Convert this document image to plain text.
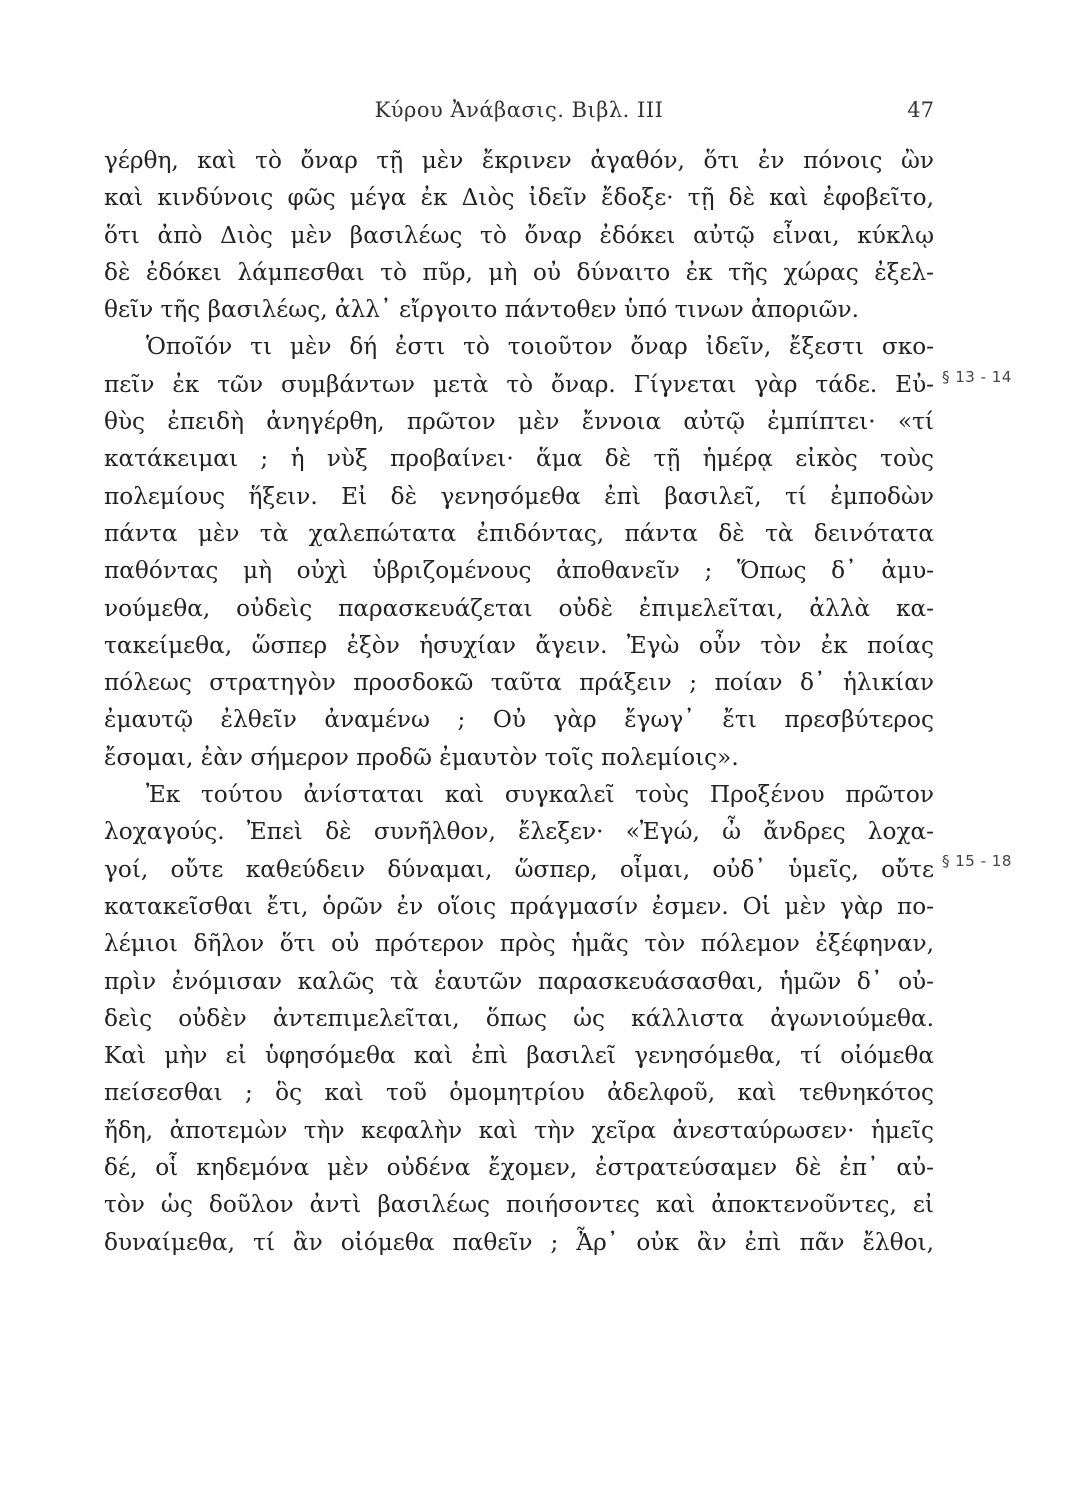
Κύρου Ἀνάβασις. Βιβλ. III	47
γέρθη, καὶ τὸ ὄναρ τῇ μὲν ἔκρινεν ἀγαθόν, ὅτι ἐν πόνοις ὢν
καὶ κινδύνοις φῶς μέγα ἐκ Διὸς ἰδεῖν ἔδοξε· τῇ δὲ καὶ ἐφοβεῖτο,
ὅτι ἀπὸ Διὸς μὲν βασιλέως τὸ ὄναρ ἐδόκει αὐτῷ εἶναι, κύκλῳ
δὲ ἐδόκει λάμπεσθαι τὸ πῦρ, μὴ οὐ δύναιτο ἐκ τῆς χώρας ἐξελ-
θεῖν τῆς βασιλέως, ἀλλ᾽ εἴργοιτο πάντοθεν ὑπό τινων ἀποριῶν.
Ὁποῖόν τι μὲν δή ἐστι τὸ τοιοῦτον ὄναρ ἰδεῖν, ἔξεστι σκο-
πεῖν ἐκ τῶν συμβάντων μετὰ τὸ ὄναρ. Γίγνεται γὰρ τάδε. Εὐ-
θὺς ἐπειδὴ ἀνηγέρθη, πρῶτον μὲν ἔννοια αὐτῷ ἐμπίπτει· «τί
κατάκειμαι ; ἡ νὺξ προβαίνει· ἅμα δὲ τῇ ἡμέρᾳ εἰκὸς τοὺς
πολεμίους ἥξειν. Εἰ δὲ γενησόμεθα ἐπὶ βασιλεῖ, τί ἐμποδὼν
πάντα μὲν τὰ χαλεπώτατα ἐπιδόντας, πάντα δὲ τὰ δεινότατα
παθόντας μὴ οὐχὶ ὑβριζομένους ἀποθανεῖν ; Ὅπως δ᾽ ἀμυ-
νούμεθα, οὐδεὶς παρασκευάζεται οὐδὲ ἐπιμελεῖται, ἀλλὰ κα-
τακείμεθα, ὥσπερ ἐξὸν ἡσυχίαν ἄγειν. Ἐγὼ οὖν τὸν ἐκ ποίας
πόλεως στρατηγὸν προσδοκῶ ταῦτα πράξειν ; ποίαν δ᾽ ἡλικίαν
ἐμαυτῷ ἐλθεῖν ἀναμένω ; Οὐ γὰρ ἔγωγ᾽ ἔτι πρεσβύτερος
ἔσομαι, ἐὰν σήμερον προδῶ ἐμαυτὸν τοῖς πολεμίοις».
Ἐκ τούτου ἀνίσταται καὶ συγκαλεῖ τοὺς Προξένου πρῶτον
λοχαγούς. Ἐπεὶ δὲ συνῆλθον, ἔλεξεν· «Ἐγώ, ὦ ἄνδρες λοχα-
γοί, οὔτε καθεύδειν δύναμαι, ὥσπερ, οἶμαι, οὐδ᾽ ὑμεῖς, οὔτε
κατακεῖσθαι ἔτι, ὁρῶν ἐν οἵοις πράγμασίν ἐσμεν. Οἱ μὲν γὰρ πο-
λέμιοι δῆλον ὅτι οὐ πρότερον πρὸς ἡμᾶς τὸν πόλεμον ἐξέφηναν,
πρὶν ἐνόμισαν καλῶς τὰ ἑαυτῶν παρασκευάσασθαι, ἡμῶν δ᾽ οὐ-
δεὶς οὐδὲν ἀντεπιμελεῖται, ὅπως ὡς κάλλιστα ἀγωνιούμεθα.
Καὶ μὴν εἰ ὑφησόμεθα καὶ ἐπὶ βασιλεῖ γενησόμεθα, τί οἰόμεθα
πείσεσθαι ; ὃς καὶ τοῦ ὁμομητρίου ἀδελφοῦ, καὶ τεθνηκότος
ἤδη, ἀποτεμὼν τὴν κεφαλὴν καὶ τὴν χεῖρα ἀνεσταύρωσεν· ἡμεῖς
δέ, οἷ κηδεμόνα μὲν οὐδένα ἔχομεν, ἐστρατεύσαμεν δὲ ἐπ᾽ αὐ-
τὸν ὡς δοῦλον ἀντὶ βασιλέως ποιήσοντες καὶ ἀποκτενοῦντες, εἰ
δυναίμεθα, τί ἂν οἰόμεθα παθεῖν ; Ἆρ᾽ οὐκ ἂν ἐπὶ πᾶν ἔλθοι,
§ 13 - 14
§ 15 - 18
